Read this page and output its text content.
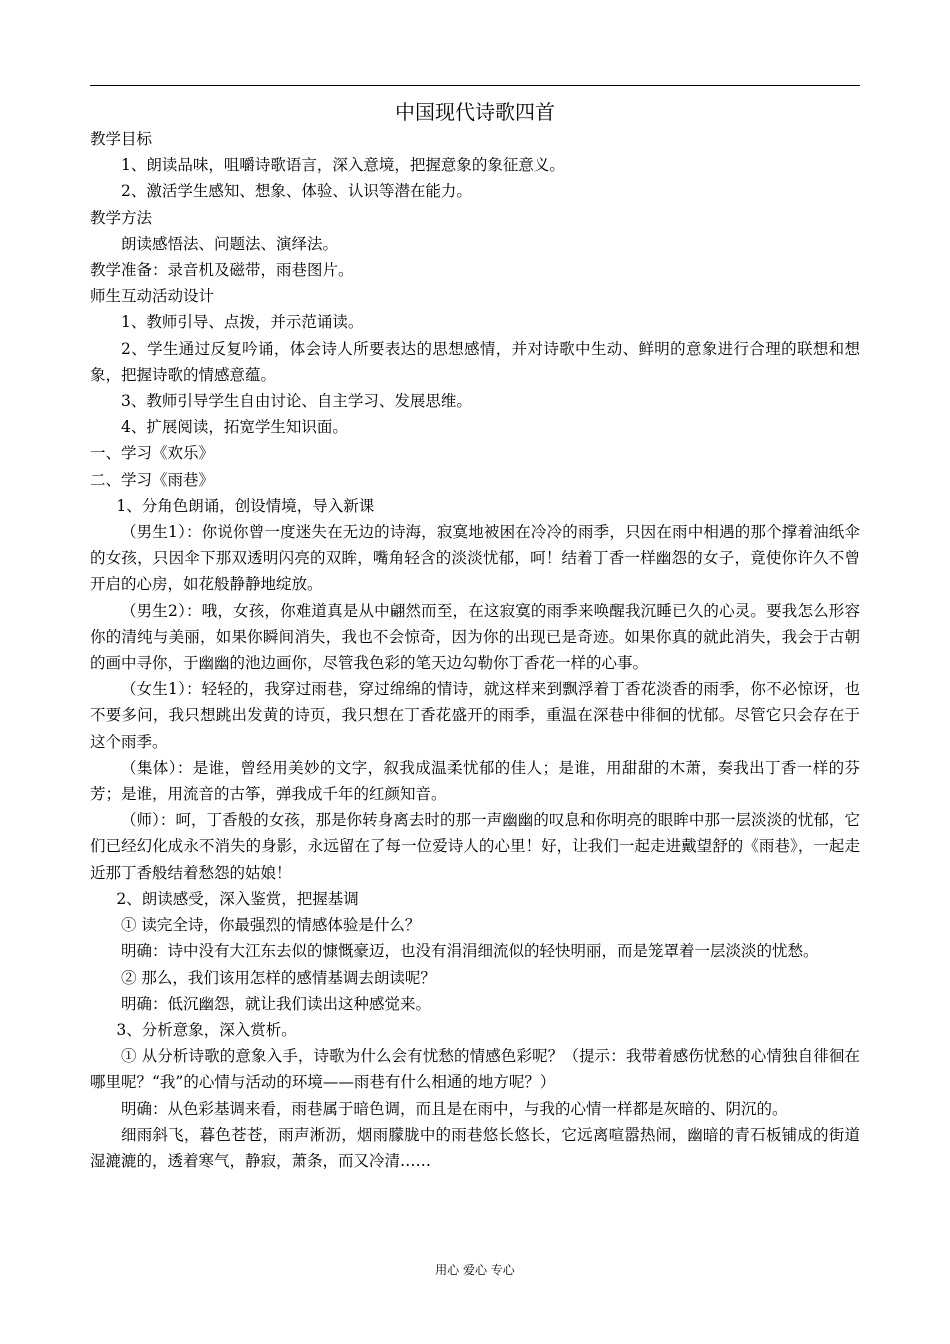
中国现代诗歌四首

教学目标

1、朗读品味，咀嚼诗歌语言，深入意境，把握意象的象征意义。

2、激活学生感知、想象、体验、认识等潜在能力。

教学方法

朗读感悟法、问题法、演绎法。

教学准备：录音机及磁带，雨巷图片。

师生互动活动设计

1、教师引导、点拨，并示范诵读。

2、学生通过反复吟诵，体会诗人所要表达的思想感情，并对诗歌中生动、鲜明的意象进行合理的联想和想象，把握诗歌的情感意蕴。

3、教师引导学生自由讨论、自主学习、发展思维。

4、扩展阅读，拓宽学生知识面。

一、学习《欢乐》

二、学习《雨巷》

1、分角色朗诵，创设情境，导入新课

（男生1）：你说你曾一度迷失在无边的诗海，寂寞地被困在冷冷的雨季，只因在雨中相遇的那个撑着油纸伞的女孩，只因伞下那双透明闪亮的双眸，嘴角轻含的淡淡忧郁，呵！结着丁香一样幽怨的女子，竟使你许久不曾开启的心房，如花般静静地绽放。

（男生2）：哦，女孩，你难道真是从中翩然而至，在这寂寞的雨季来唤醒我沉睡已久的心灵。要我怎么形容你的清纯与美丽，如果你瞬间消失，我也不会惊奇，因为你的出现已是奇迹。如果你真的就此消失，我会于古朝的画中寻你，于幽幽的池边画你，尽管我色彩的笔天边勾勒你丁香花一样的心事。

（女生1）：轻轻的，我穿过雨巷，穿过绵绵的情诗，就这样来到飘浮着丁香花淡香的雨季，你不必惊讶，也不要多问，我只想跳出发黄的诗页，我只想在丁香花盛开的雨季，重温在深巷中徘徊的忧郁。尽管它只会存在于这个雨季。

（集体）：是谁，曾经用美妙的文字，叙我成温柔忧郁的佳人；是谁，用甜甜的木萧，奏我出丁香一样的芬芳；是谁，用流音的古筝，弹我成千年的红颜知音。

（师）：呵，丁香般的女孩，那是你转身离去时的那一声幽幽的叹息和你明亮的眼眸中那一层淡淡的忧郁，它们已经幻化成永不消失的身影，永远留在了每一位爱诗人的心里！好，让我们一起走进戴望舒的《雨巷》，一起走近那丁香般结着愁怨的姑娘！

2、朗读感受，深入鉴赏，把握基调

① 读完全诗，你最强烈的情感体验是什么？

明确：诗中没有大江东去似的慷慨豪迈，也没有涓涓细流似的轻快明丽，而是笼罩着一层淡淡的忧愁。

② 那么，我们该用怎样的感情基调去朗读呢？

明确：低沉幽怨，就让我们读出这种感觉来。

3、分析意象，深入赏析。

① 从分析诗歌的意象入手，诗歌为什么会有忧愁的情感色彩呢？（提示：我带着感伤忧愁的心情独自徘徊在哪里呢？“我”的心情与活动的环境——雨巷有什么相通的地方呢？）

明确：从色彩基调来看，雨巷属于暗色调，而且是在雨中，与我的心情一样都是灰暗的、阴沉的。

细雨斜飞，暮色苍苍，雨声淅沥，烟雨朦胧中的雨巷悠长悠长，它远离喧嚣热闹，幽暗的青石板铺成的街道湿漉漉的，透着寒气，静寂，萧条，而又冷清……

用心 爱心 专心
